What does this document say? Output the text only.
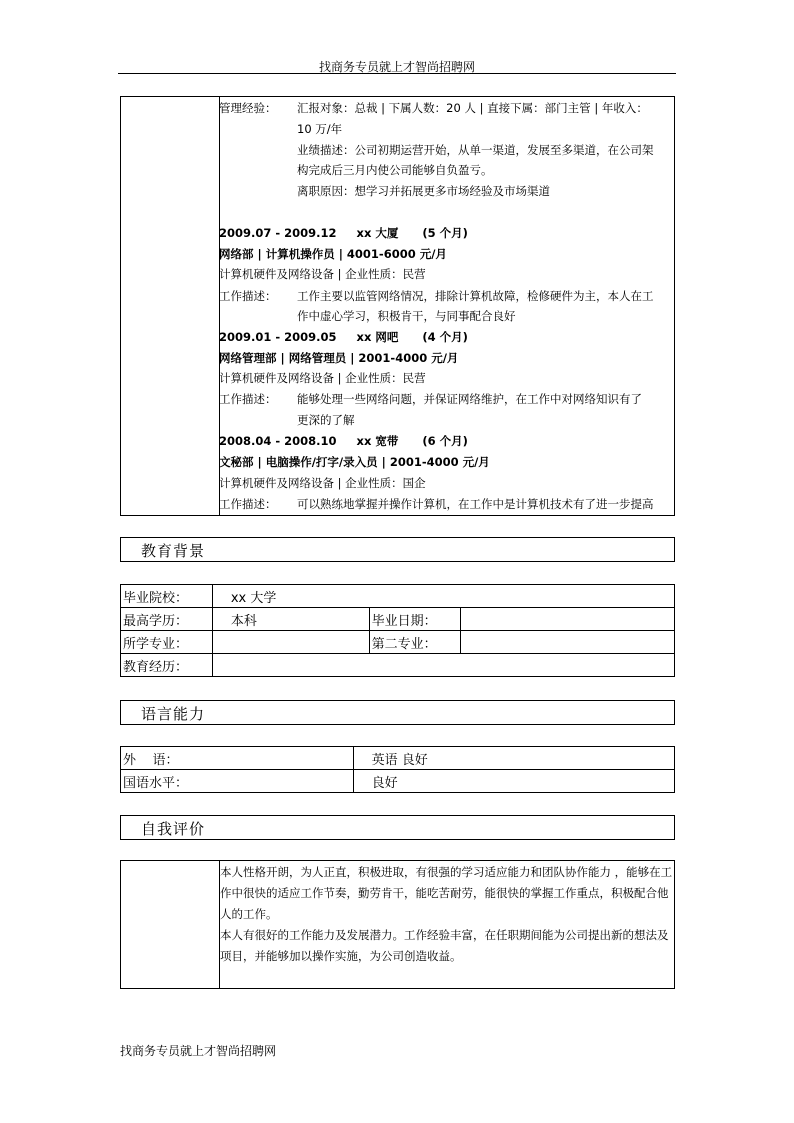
找商务专员就上才智尚招聘网
管理经验： 汇报对象：总裁 | 下属人数：20 人 | 直接下属：部门主管 | 年收入：
10 万/年
业绩描述：公司初期运营开始，从单一渠道，发展至多渠道，在公司架
构完成后三月内使公司能够自负盈亏。
离职原因：想学习并拓展更多市场经验及市场渠道
2009.07 - 2009.12     xx 大厦      (5 个月)
网络部 | 计算机操作员 | 4001-6000 元/月
计算机硬件及网络设备 | 企业性质：民营
工作描述： 工作主要以监管网络情况，排除计算机故障，检修硬件为主，本人在工
作中虚心学习，积极肯干，与同事配合良好
2009.01 - 2009.05     xx 网吧      (4 个月)
网络管理部 | 网络管理员 | 2001-4000 元/月
计算机硬件及网络设备 | 企业性质：民营
工作描述： 能够处理一些网络问题，并保证网络维护，在工作中对网络知识有了
更深的了解
2008.04 - 2008.10     xx 宽带      (6 个月)
文秘部 | 电脑操作/打字/录入员 | 2001-4000 元/月
计算机硬件及网络设备 | 企业性质：国企
工作描述： 可以熟练地掌握并操作计算机，在工作中是计算机技术有了进一步提高
教育背景
毕业院校：	xx 大学		
最高学历：	本科	毕业日期：	
所学专业：		第二专业：	
教育经历：			
语言能力
外    语：	英语 良好
国语水平：	良好
自我评价
本人性格开朗，为人正直，积极进取，有很强的学习适应能力和团队协作能力 ，能够在工作中很快的适应工作节奏，勤劳肯干，能吃苦耐劳，能很快的掌握工作重点，积极配合他人的工作。
本人有很好的工作能力及发展潜力。工作经验丰富，在任职期间能为公司提出新的想法及项目，并能够加以操作实施，为公司创造收益。
找商务专员就上才智尚招聘网
